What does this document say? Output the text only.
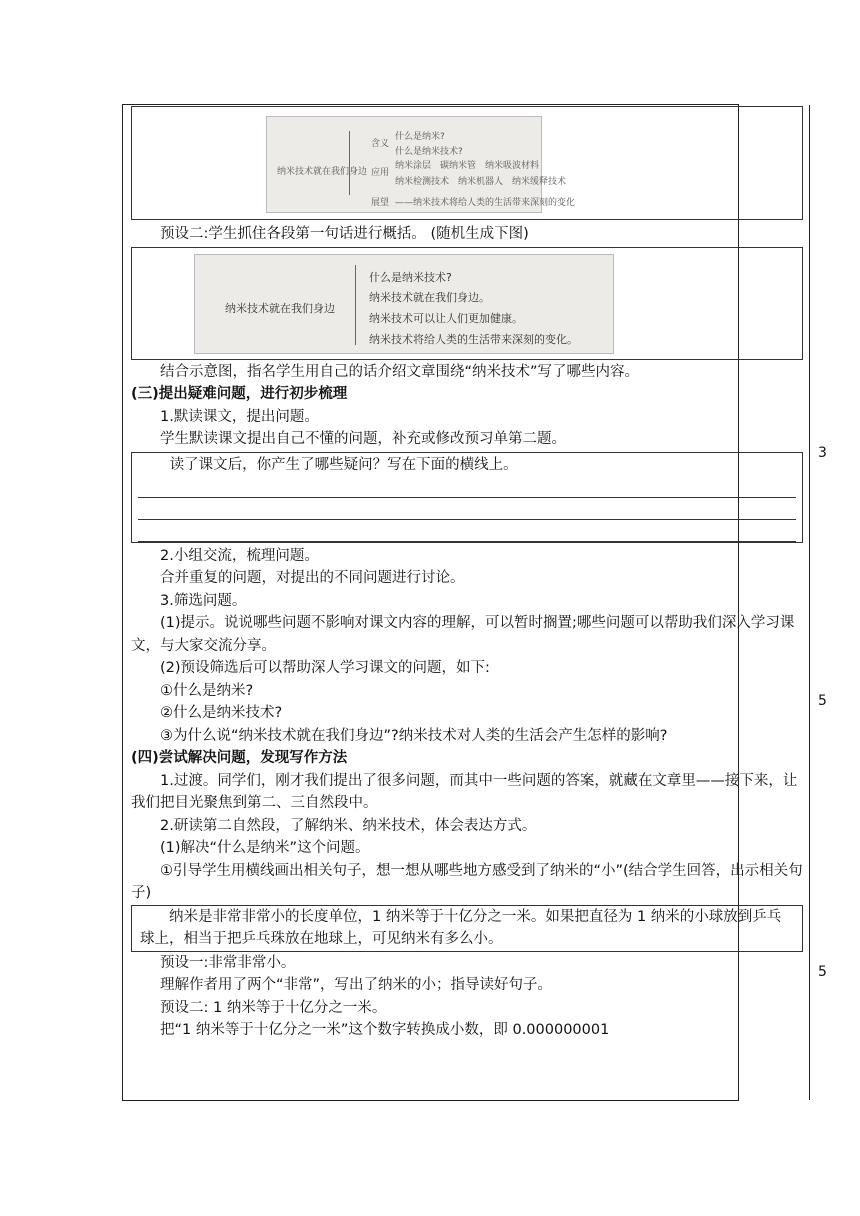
纳米技术就在我们身边
含义
应用
展望
什么是纳米?
什么是纳米技术?
纳米涂层　碳纳米管　纳米吸波材料
纳米检测技术　纳米机器人　纳米缓释技术
——纳米技术将给人类的生活带来深刻的变化

预设二:学生抓住各段第一句话进行概括。 (随机生成下图)

纳米技术就在我们身边
什么是纳米技术?
纳米技术就在我们身边。
纳米技术可以让人们更加健康。
纳米技术将给人类的生活带来深刻的变化。

结合示意图，指名学生用自己的话介绍文章围绕“纳米技术”写了哪些内容。

(三)提出疑难问题，进行初步梳理

1.默读课文，提出问题。

学生默读课文提出自己不懂的问题，补充或修改预习单第二题。

读了课文后，你产生了哪些疑问？写在下面的横线上。

2.小组交流，梳理问题。

合并重复的问题，对提出的不同问题进行讨论。

3.筛选问题。

(1)提示。说说哪些问题不影响对课文内容的理解，可以暂时搁置;哪些问题可以帮助我们深入学习课文，与大家交流分享。

(2)预设筛选后可以帮助深人学习课文的问题，如下:

①什么是纳米?

②什么是纳米技术?

③为什么说“纳米技术就在我们身边”?纳米技术对人类的生活会产生怎样的影响?

(四)尝试解决问题，发现写作方法

1.过渡。同学们，刚才我们提出了很多问题，而其中一些问题的答案，就藏在文章里——接下来，让我们把目光聚焦到第二、三自然段中。

2.研读第二自然段，了解纳米、纳米技术，体会表达方式。

(1)解决“什么是纳米”这个问题。

①引导学生用横线画出相关句子，想一想从哪些地方感受到了纳米的“小”(结合学生回答，出示相关句子)

纳米是非常非常小的长度单位，1 纳米等于十亿分之一米。如果把直径为 1 纳米的小球放到乒乓球上，相当于把乒乓珠放在地球上，可见纳米有多么小。

预设一:非常非常小。

理解作者用了两个“非常”，写出了纳米的小；指导读好句子。

预设二: 1 纳米等于十亿分之一米。

把“1 纳米等于十亿分之一米”这个数字转换成小数，即 0.000000001

3
5
5
